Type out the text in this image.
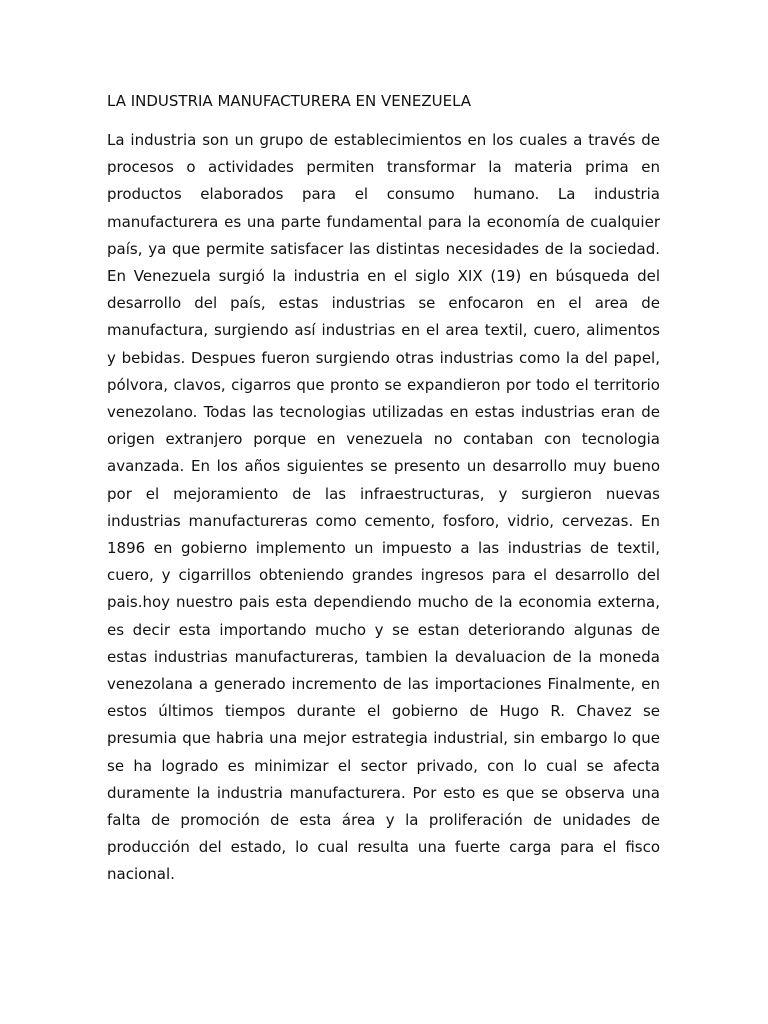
LA INDUSTRIA MANUFACTURERA EN VENEZUELA

La industria son un grupo de establecimientos en los cuales a través de procesos o actividades permiten transformar la materia prima en productos elaborados para el consumo humano. La industria manufacturera es una parte fundamental para la economía de cualquier país, ya que permite satisfacer las distintas necesidades de la sociedad. En Venezuela surgió la industria en el siglo XIX (19) en búsqueda del desarrollo del país, estas industrias se enfocaron en el area de manufactura, surgiendo así industrias en el area textil, cuero, alimentos y bebidas. Despues fueron surgiendo otras industrias como la del papel, pólvora, clavos, cigarros que pronto se expandieron por todo el territorio venezolano. Todas las tecnologias utilizadas en estas industrias eran de origen extranjero porque en venezuela no contaban con tecnologia avanzada. En los años siguientes se presento un desarrollo muy bueno por el mejoramiento de las infraestructuras, y surgieron nuevas industrias manufactureras como cemento, fosforo, vidrio, cervezas. En 1896 en gobierno implemento un impuesto a las industrias de textil, cuero, y cigarrillos obteniendo grandes ingresos para el desarrollo del pais.hoy nuestro pais esta dependiendo mucho de la economia externa, es decir esta importando mucho y se estan deteriorando algunas de estas industrias manufactureras, tambien la devaluacion de la moneda venezolana a generado incremento de las importaciones Finalmente, en estos últimos tiempos durante el gobierno de Hugo R. Chavez se presumia que habria una mejor estrategia industrial, sin embargo lo que se ha logrado es minimizar el sector privado, con lo cual se afecta duramente la industria manufacturera. Por esto es que se observa una falta de promoción de esta área y la proliferación de unidades de producción del estado, lo cual resulta una fuerte carga para el fisco nacional.
